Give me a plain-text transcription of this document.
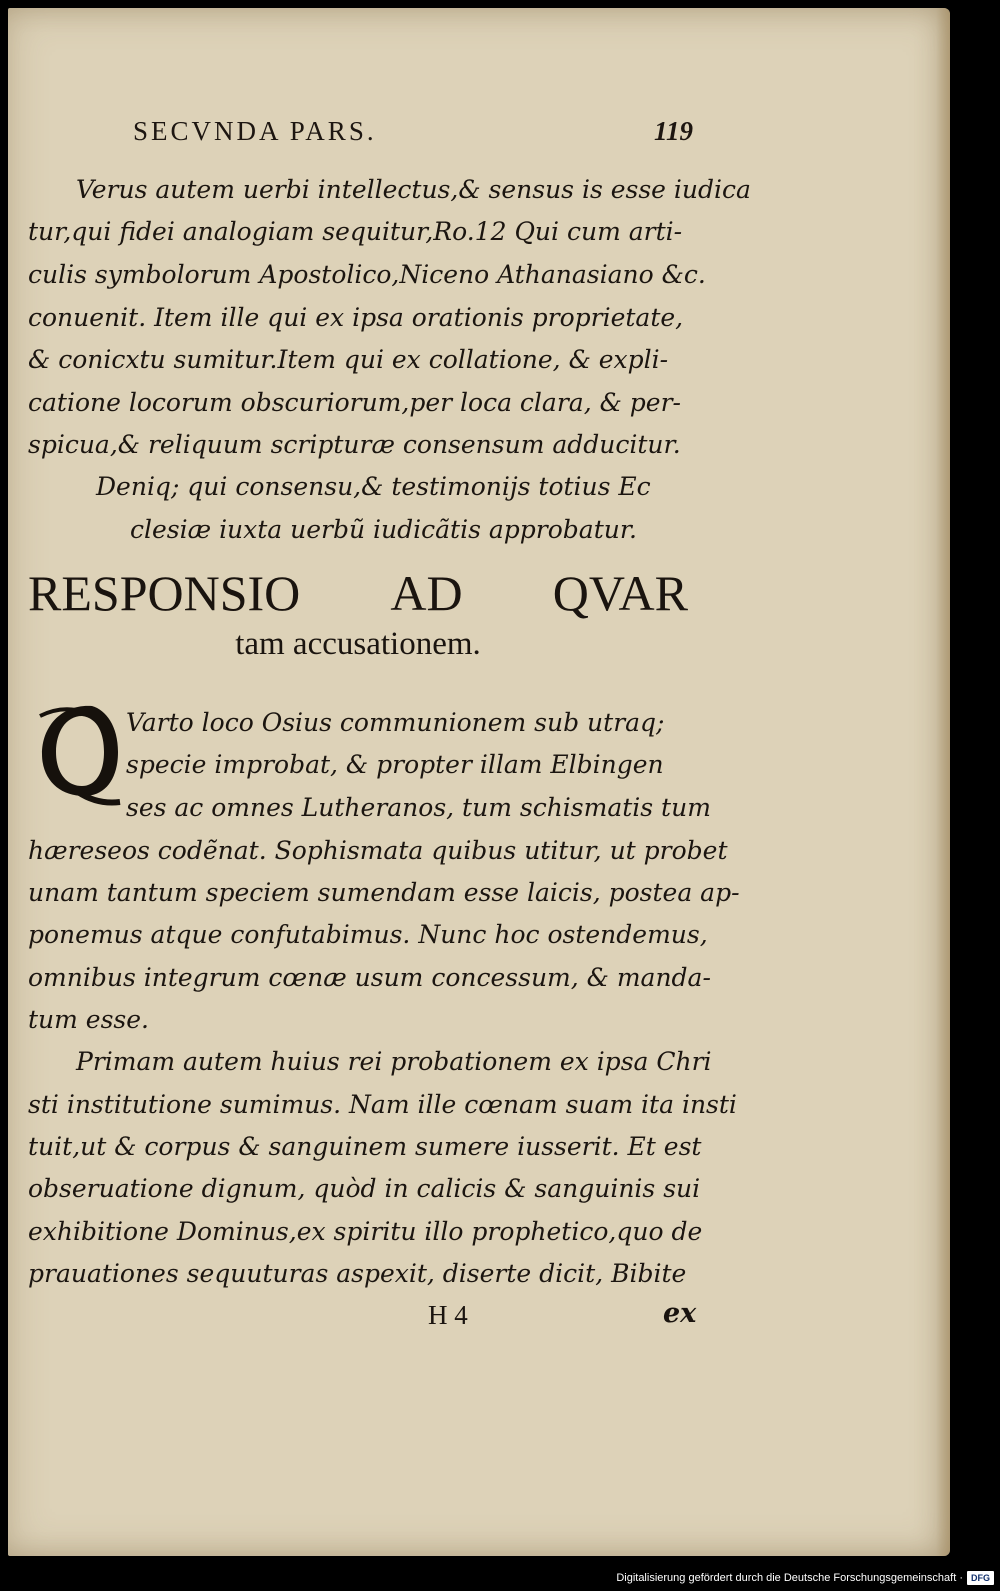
SECVNDA PARS.	119
Verus autem uerbi intellectus,& sensus is esse iudica
tur,qui fidei analogiam sequitur,Ro.12 Qui cum arti-
culis symbolorum Apostolico,Niceno Athanasiano &c.
conuenit. Item ille qui ex ipsa orationis proprietate,
& conicxtu sumitur.Item qui ex collatione, & expli-
catione locorum obscuriorum,per loca clara, & per-
spicua,& reliquum scripturæ consensum adducitur.
Deniq; qui consensu,& testimonijs totius Ec
clesiæ iuxta uerbũ iudicãtis approbatur.
RESPONSIO AD QVAR
tam accusationem.
Varto loco Osius communionem sub utraq;
specie improbat, & propter illam Elbingen
ses ac omnes Lutheranos, tum schismatis tum
hæreseos codẽnat. Sophismata quibus utitur, ut probet
unam tantum speciem sumendam esse laicis, postea ap-
ponemus atque confutabimus. Nunc hoc ostendemus,
omnibus integrum cœnæ usum concessum, & manda-
tum esse.
Primam autem huius rei probationem ex ipsa Chri
sti institutione sumimus. Nam ille cœnam suam ita insti
tuit,ut & corpus & sanguinem sumere iusserit. Et est
obseruatione dignum, quòd in calicis & sanguinis sui
exhibitione Dominus,ex spiritu illo prophetico,quo de
prauationes sequuturas aspexit, diserte dicit, Bibite
H 4	ex
Digitalisierung gefördert durch die Deutsche Forschungsgemeinschaft · DFG
